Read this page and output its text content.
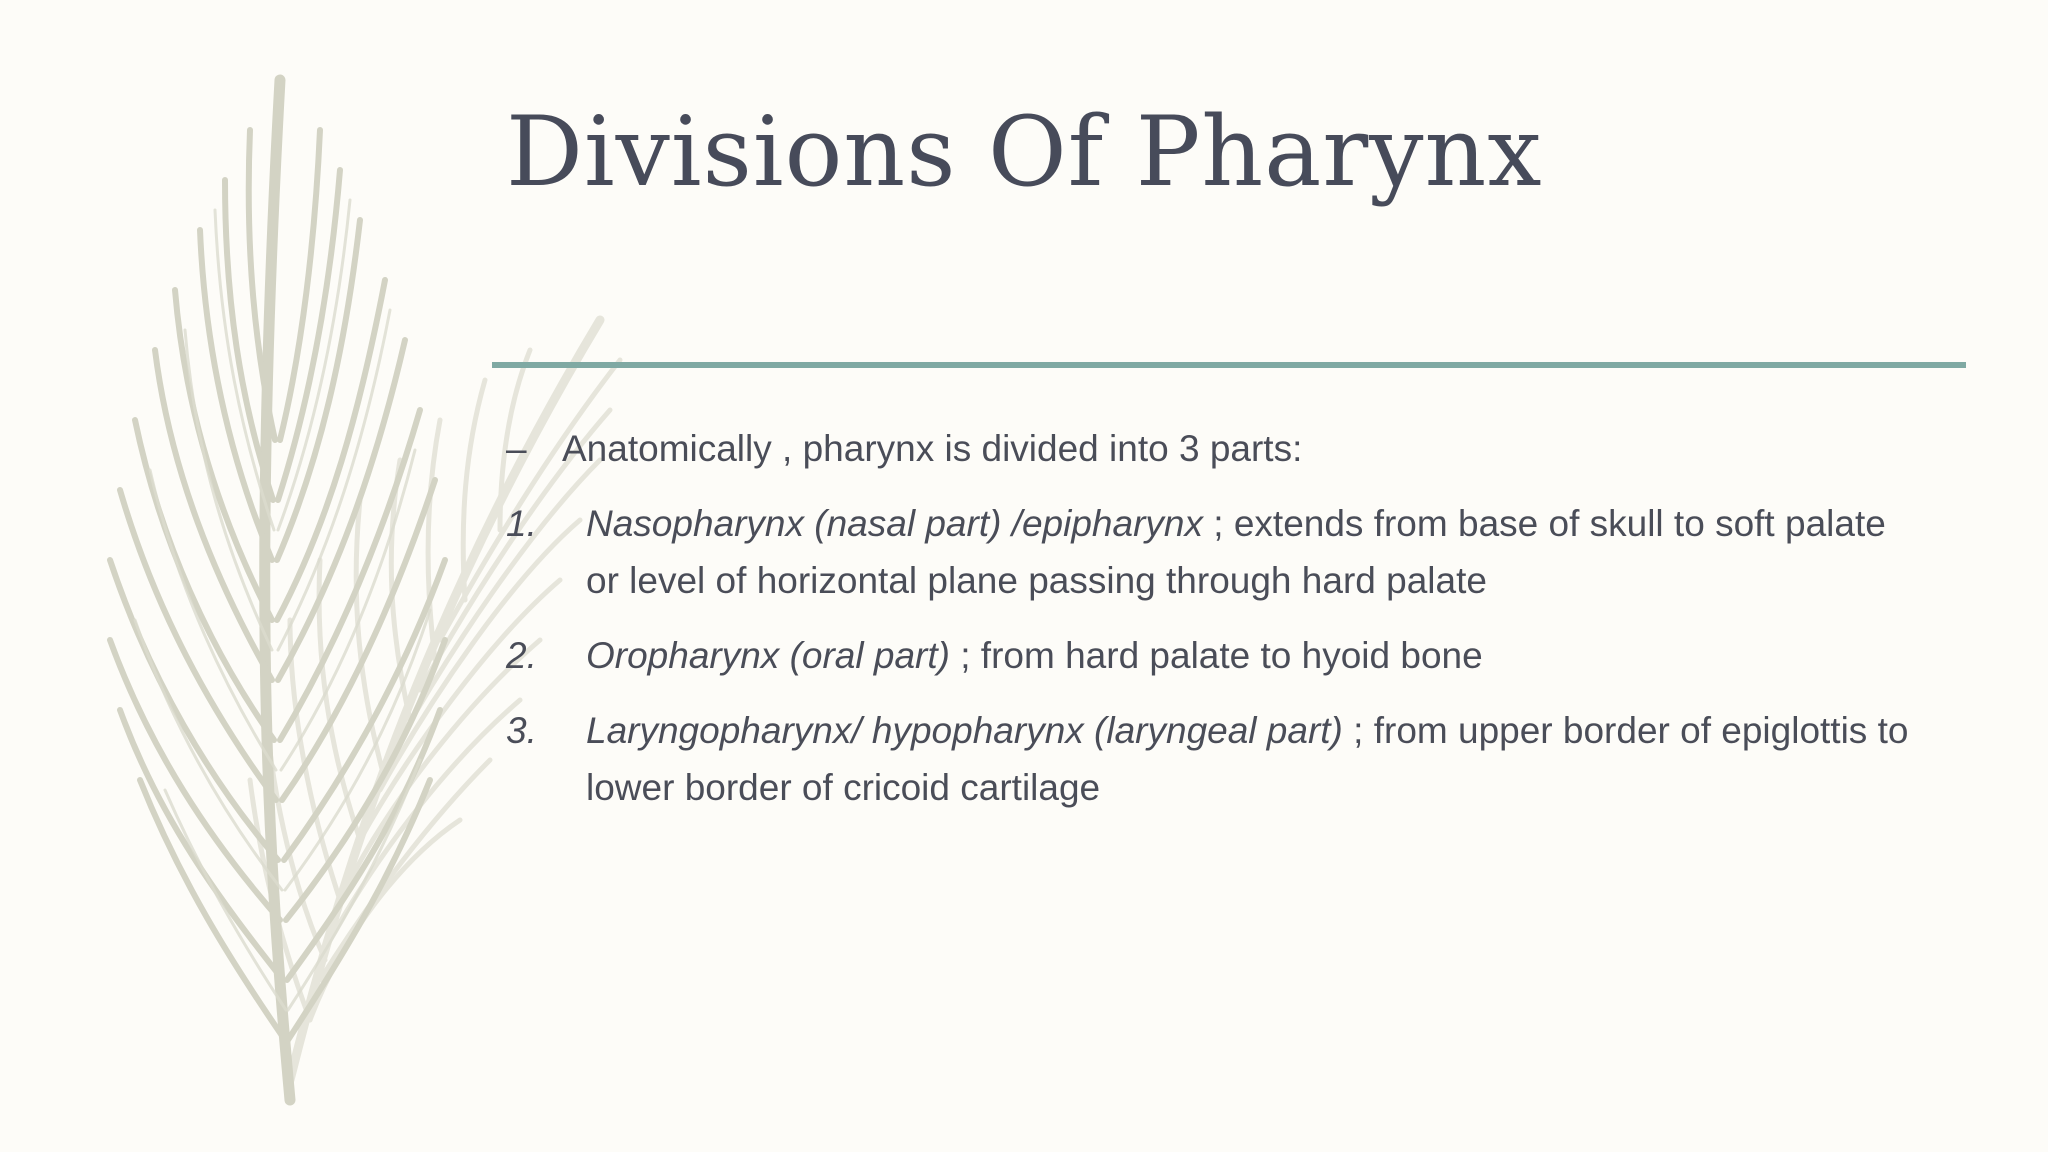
Divisions Of Pharynx
– Anatomically , pharynx is divided into 3 parts:
1.	Nasopharynx (nasal part) /epipharynx ; extends from base of skull to soft palate or level of horizontal plane passing through hard palate
2.	Oropharynx (oral part) ; from hard palate to hyoid bone
3.	Laryngopharynx/ hypopharynx (laryngeal part) ; from upper border of epiglottis to lower border of cricoid cartilage
